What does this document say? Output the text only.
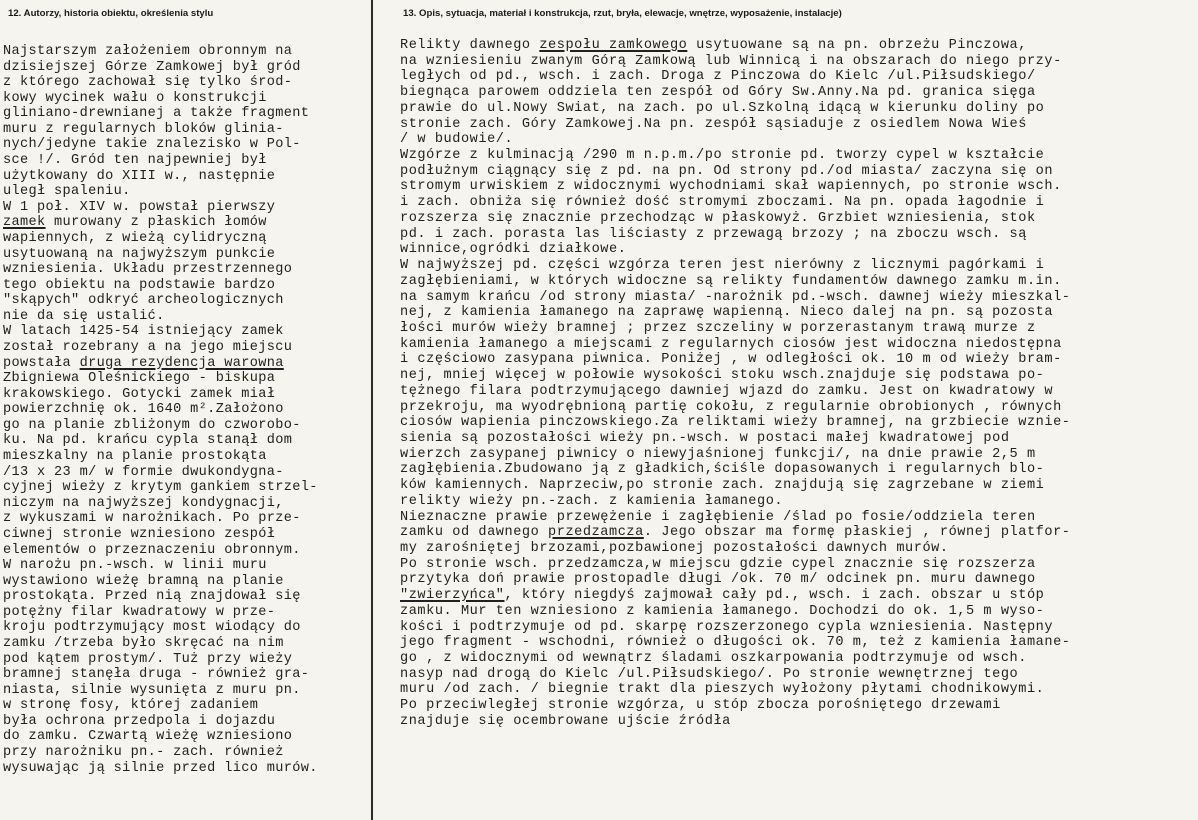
12. Autorzy, historia obiektu, określenia stylu	13. Opis, sytuacja, materiał i konstrukcja, rzut, bryła, elewacje, wnętrze, wyposażenie, instalacje)
Najstarszym założeniem obronnym na
dzisiejszej Górze Zamkowej był gród
z którego zachował się tylko środ-
kowy wycinek wału o konstrukcji
gliniano-drewnianej a także fragment
muru z regularnych bloków glinia-
nych/jedyne takie znalezisko w Pol-
sce !/. Gród ten najpewniej był
użytkowany do XIII w., następnie
uległ spaleniu.
W 1 poł. XIV w. powstał pierwszy
zamek murowany z płaskich łomów
wapiennych, z wieżą cylidryczną
usytuowaną na najwyższym punkcie
wzniesienia. Układu przestrzennego
tego obiektu na podstawie bardzo
"skąpych" odkryć archeologicznych
nie da się ustalić.
W latach 1425-54 istniejący zamek
został rozebrany a na jego miejscu
powstała druga rezydencja warowna
Zbigniewa Oleśnickiego - biskupa
krakowskiego. Gotycki zamek miał
powierzchnię ok. 1640 m².Założono
go na planie zbliżonym do czworobo-
ku. Na pd. krańcu cypla stanął dom
mieszkalny na planie prostokąta
/13 x 23 m/ w formie dwukondygna-
cyjnej wieży z krytym gankiem strzel-
niczym na najwyższej kondygnacji,
z wykuszami w narożnikach. Po prze-
ciwnej stronie wzniesiono zespół
elementów o przeznaczeniu obronnym.
W narożu pn.-wsch. w linii muru
wystawiono wieżę bramną na planie
prostokąta. Przed nią znajdował się
potężny filar kwadratowy w prze-
kroju podtrzymujący most wiodący do
zamku /trzeba było skręcać na nim
pod kątem prostym/. Tuż przy wieży
bramnej stanęła druga - również gra-
niasta, silnie wysunięta z muru pn.
w stronę fosy, której zadaniem
była ochrona przedpola i dojazdu
do zamku. Czwartą wieżę wzniesiono
przy narożniku pn.- zach. również
wysuwając ją silnie przed lico murów.
Relikty dawnego zespołu zamkowego usytuowane są na pn. obrzeżu Pinczowa,
na wzniesieniu zwanym Górą Zamkową lub Winnicą i na obszarach do niego przy-
ległych od pd., wsch. i zach. Droga z Pinczowa do Kielc /ul.Piłsudskiego/
biegnąca parowem oddziela ten zespół od Góry Sw.Anny.Na pd. granica sięga
prawie do ul.Nowy Swiat, na zach. po ul.Szkolną idącą w kierunku doliny po
stronie zach. Góry Zamkowej.Na pn. zespół sąsiaduje z osiedlem Nowa Wieś
/ w budowie/.
Wzgórze z kulminacją /290 m n.p.m./po stronie pd. tworzy cypel w kształcie
podłużnym ciągnący się z pd. na pn. Od strony pd./od miasta/ zaczyna się on
stromym urwiskiem z widocznymi wychodniami skał wapiennych, po stronie wsch.
i zach. obniża się również dość stromymi zboczami. Na pn. opada łagodnie i
rozszerza się znacznie przechodząc w płaskowyż. Grzbiet wzniesienia, stok
pd. i zach. porasta las liściasty z przewagą brzozy ; na zboczu wsch. są
winnice,ogródki działkowe.
W najwyższej pd. części wzgórza teren jest nierówny z licznymi pagórkami i
zagłębieniami, w których widoczne są relikty fundamentów dawnego zamku m.in.
na samym krańcu /od strony miasta/ -narożnik pd.-wsch. dawnej wieży mieszkal-
nej, z kamienia łamanego na zaprawę wapienną. Nieco dalej na pn. są pozosta
łości murów wieży bramnej ; przez szczeliny w porzerastanym trawą murze z
kamienia łamanego a miejscami z regularnych ciosów jest widoczna niedostępna
i częściowo zasypana piwnica. Poniżej , w odległości ok. 10 m od wieży bram-
nej, mniej więcej w połowie wysokości stoku wsch.znajduje się podstawa po-
tężnego filara podtrzymującego dawniej wjazd do zamku. Jest on kwadratowy w
przekroju, ma wyodrębnioną partię cokołu, z regularnie obrobionych , równych
ciosów wapienia pinczowskiego.Za reliktami wieży bramnej, na grzbiecie wznie-
sienia są pozostałości wieży pn.-wsch. w postaci małej kwadratowej pod
wierzch zasypanej piwnicy o niewyjaśnionej funkcji/, na dnie prawie 2,5 m
zagłębienia.Zbudowano ją z gładkich,ściśle dopasowanych i regularnych blo-
ków kamiennych. Naprzeciw,po stronie zach. znajdują się zagrzebane w ziemi
relikty wieży pn.-zach. z kamienia łamanego.
Nieznaczne prawie przewężenie i zagłębienie /ślad po fosie/oddziela teren
zamku od dawnego przedzamcza. Jego obszar ma formę płaskiej , równej platfor-
my zarośniętej brzozami,pozbawionej pozostałości dawnych murów.
Po stronie wsch. przedzamcza,w miejscu gdzie cypel znacznie się rozszerza
przytyka doń prawie prostopadle długi /ok. 70 m/ odcinek pn. muru dawnego
"zwierzyńca", który niegdyś zajmował cały pd., wsch. i zach. obszar u stóp
zamku. Mur ten wzniesiono z kamienia łamanego. Dochodzi do ok. 1,5 m wyso-
kości i podtrzymuje od pd. skarpę rozszerzonego cypla wzniesienia. Następny
jego fragment - wschodni, również o długości ok. 70 m, też z kamienia łamane-
go , z widocznymi od wewnątrz śladami oszkarpowania podtrzymuje od wsch.
nasyp nad drogą do Kielc /ul.Piłsudskiego/. Po stronie wewnętrznej tego
muru /od zach. / biegnie trakt dla pieszych wyłożony płytami chodnikowymi.
Po przeciwległej stronie wzgórza, u stóp zbocza porośniętego drzewami
znajduje się ocembrowane ujście źródła
